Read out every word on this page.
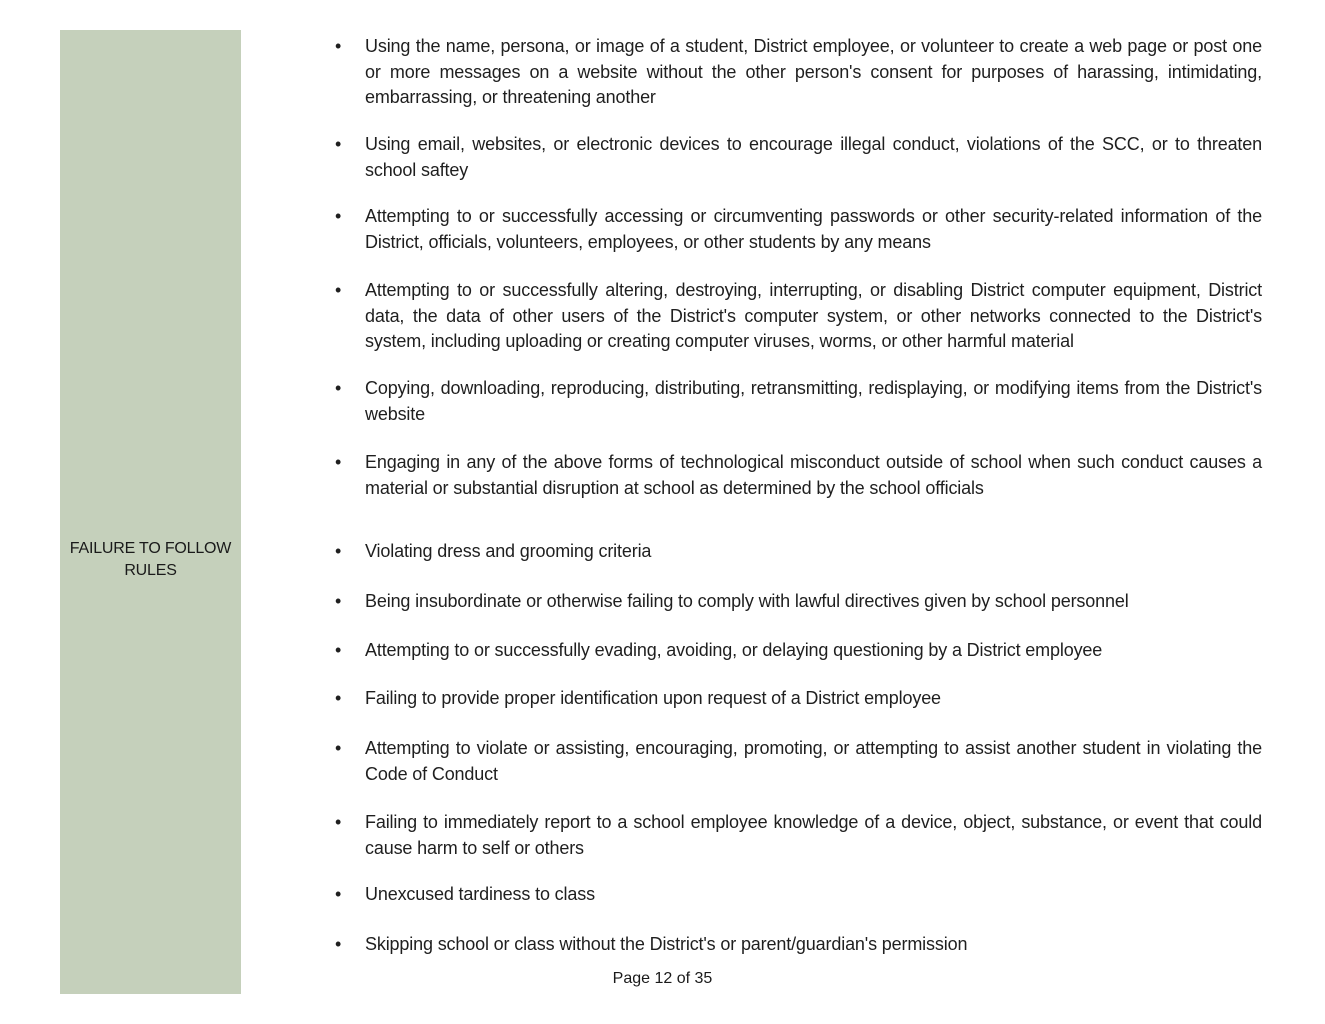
FAILURE TO FOLLOW
RULES
•	Using the name, persona, or image of a student, District employee, or volunteer to create a web page or post one or more messages on a website without the other person's consent for purposes of harassing, intimidating, embarrassing, or threatening another
•	Using email, websites, or electronic devices to encourage illegal conduct, violations of the SCC, or to threaten school saftey
•	Attempting to or successfully accessing or circumventing passwords or other security-related information of the District, officials, volunteers, employees, or other students by any means
•	Attempting to or successfully altering, destroying, interrupting, or disabling District computer equipment, District data, the data of other users of the District's computer system, or other networks connected to the District's system, including uploading or creating computer viruses, worms, or other harmful material
•	Copying, downloading, reproducing, distributing, retransmitting, redisplaying, or modifying items from the District's website
•	Engaging in any of the above forms of technological misconduct outside of school when such conduct causes a material or substantial disruption at school as determined by the school officials
•	Violating dress and grooming criteria
•	Being insubordinate or otherwise failing to comply with lawful directives given by school personnel
•	Attempting to or successfully evading, avoiding, or delaying questioning by a District employee
•	Failing to provide proper identification upon request of a District employee
•	Attempting to violate or assisting, encouraging, promoting, or attempting to assist another student in violating the Code of Conduct
•	Failing to immediately report to a school employee knowledge of a device, object, substance, or event that could cause harm to self or others
•	Unexcused tardiness to class
•	Skipping school or class without the District's or parent/guardian's permission
Page 12 of 35
